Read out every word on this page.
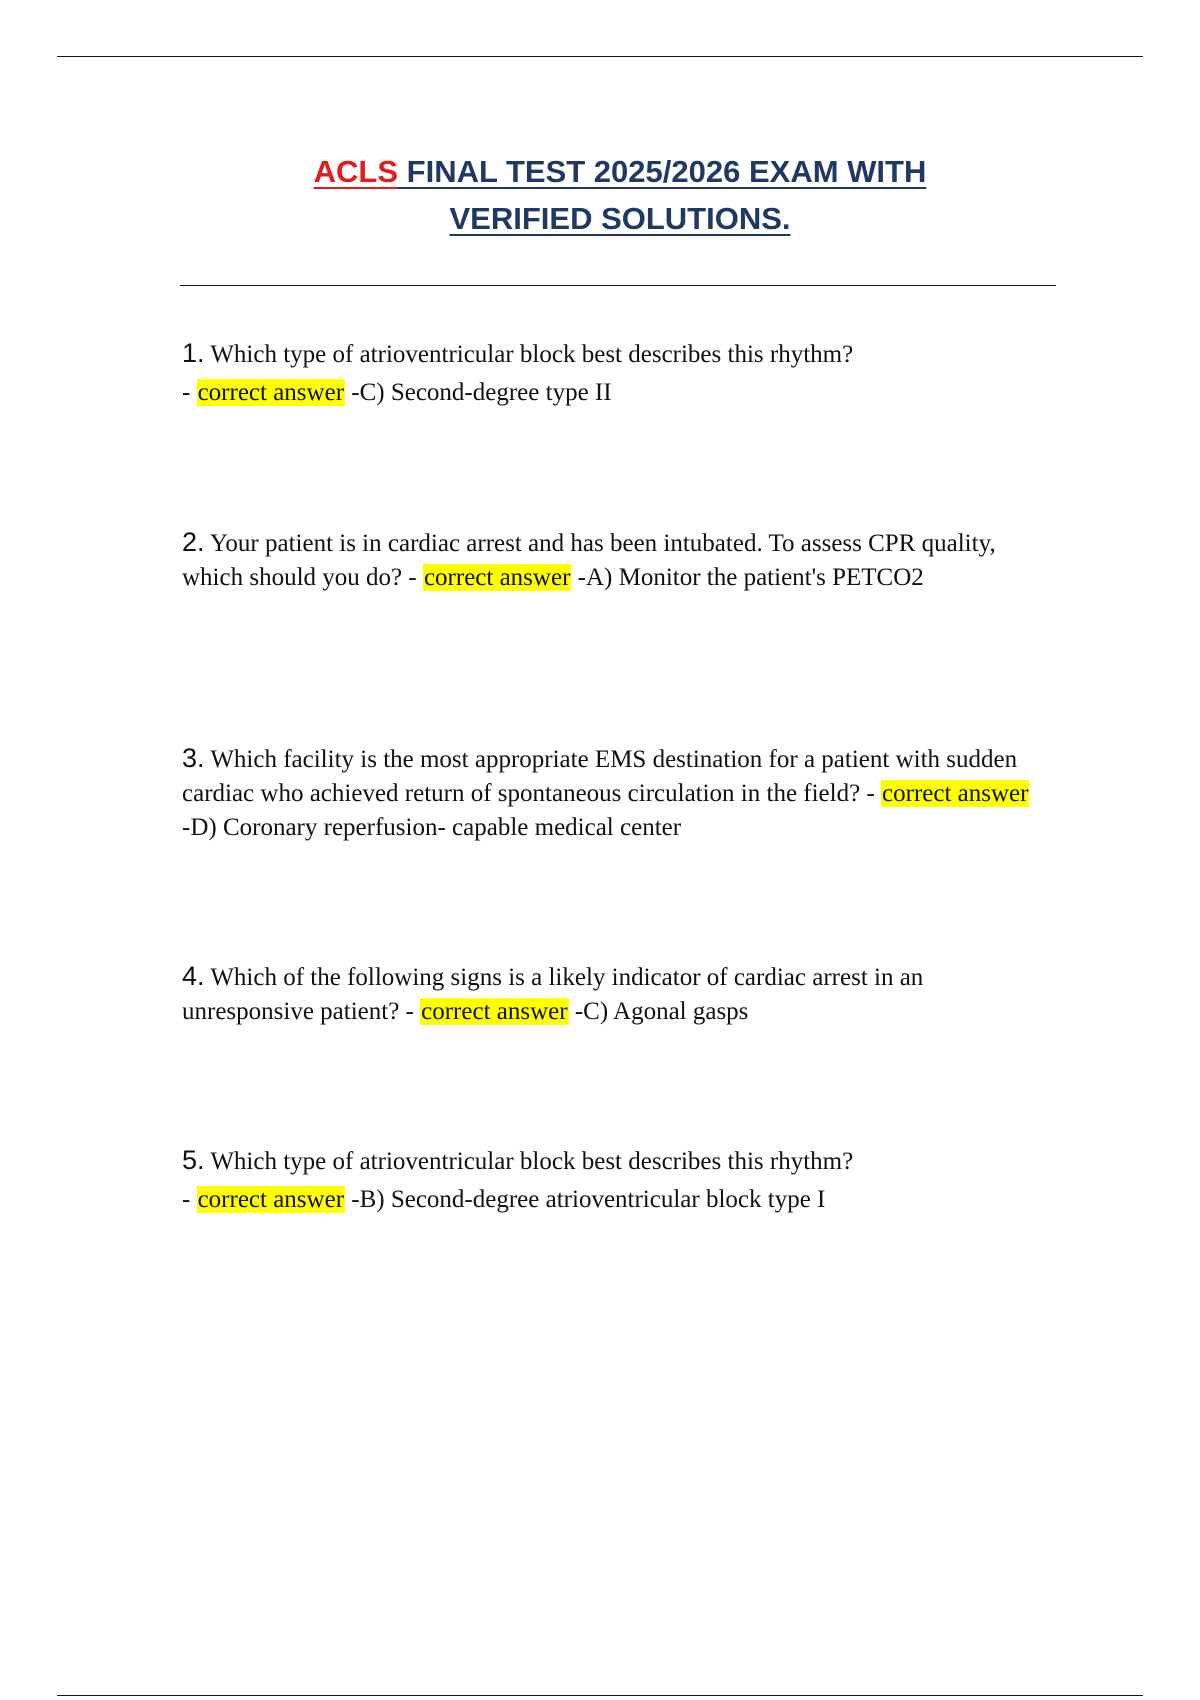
ACLS FINAL TEST 2025/2026 EXAM WITH
VERIFIED SOLUTIONS.
1. Which type of atrioventricular block best describes this rhythm?
- correct answer -C) Second-degree type II
2. Your patient is in cardiac arrest and has been intubated. To assess CPR quality, which should you do? - correct answer -A) Monitor the patient's PETCO2
3. Which facility is the most appropriate EMS destination for a patient with sudden cardiac who achieved return of spontaneous circulation in the field? - correct answer -D) Coronary reperfusion- capable medical center
4. Which of the following signs is a likely indicator of cardiac arrest in an unresponsive patient? - correct answer -C) Agonal gasps
5. Which type of atrioventricular block best describes this rhythm?
- correct answer -B) Second-degree atrioventricular block type I
